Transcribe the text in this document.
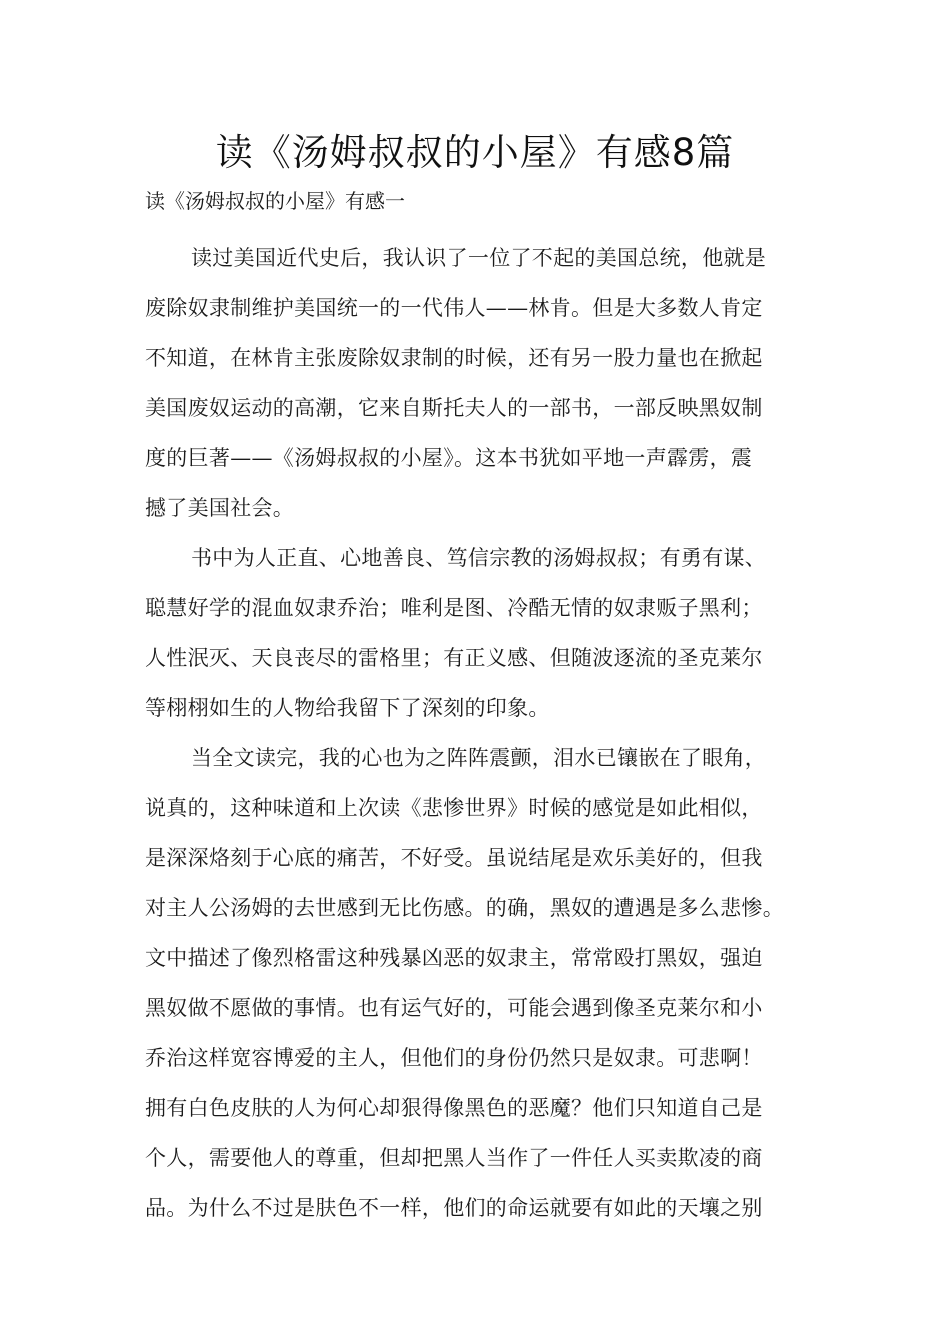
读《汤姆叔叔的小屋》有感8篇
读《汤姆叔叔的小屋》有感一
读过美国近代史后，我认识了一位了不起的美国总统，他就是
废除奴隶制维护美国统一的一代伟人——林肯。但是大多数人肯定
不知道，在林肯主张废除奴隶制的时候，还有另一股力量也在掀起
美国废奴运动的高潮，它来自斯托夫人的一部书，一部反映黑奴制
度的巨著——《汤姆叔叔的小屋》。这本书犹如平地一声霹雳，震
撼了美国社会。
书中为人正直、心地善良、笃信宗教的汤姆叔叔；有勇有谋、
聪慧好学的混血奴隶乔治；唯利是图、冷酷无情的奴隶贩子黑利；
人性泯灭、天良丧尽的雷格里；有正义感、但随波逐流的圣克莱尔
等栩栩如生的人物给我留下了深刻的印象。
当全文读完，我的心也为之阵阵震颤，泪水已镶嵌在了眼角，
说真的，这种味道和上次读《悲惨世界》时候的感觉是如此相似，
是深深烙刻于心底的痛苦，不好受。虽说结尾是欢乐美好的，但我
对主人公汤姆的去世感到无比伤感。的确，黑奴的遭遇是多么悲惨。
文中描述了像烈格雷这种残暴凶恶的奴隶主，常常殴打黑奴，强迫
黑奴做不愿做的事情。也有运气好的，可能会遇到像圣克莱尔和小
乔治这样宽容博爱的主人，但他们的身份仍然只是奴隶。可悲啊！
拥有白色皮肤的人为何心却狠得像黑色的恶魔？他们只知道自己是
个人，需要他人的尊重，但却把黑人当作了一件任人买卖欺凌的商
品。为什么不过是肤色不一样，他们的命运就要有如此的天壤之别
